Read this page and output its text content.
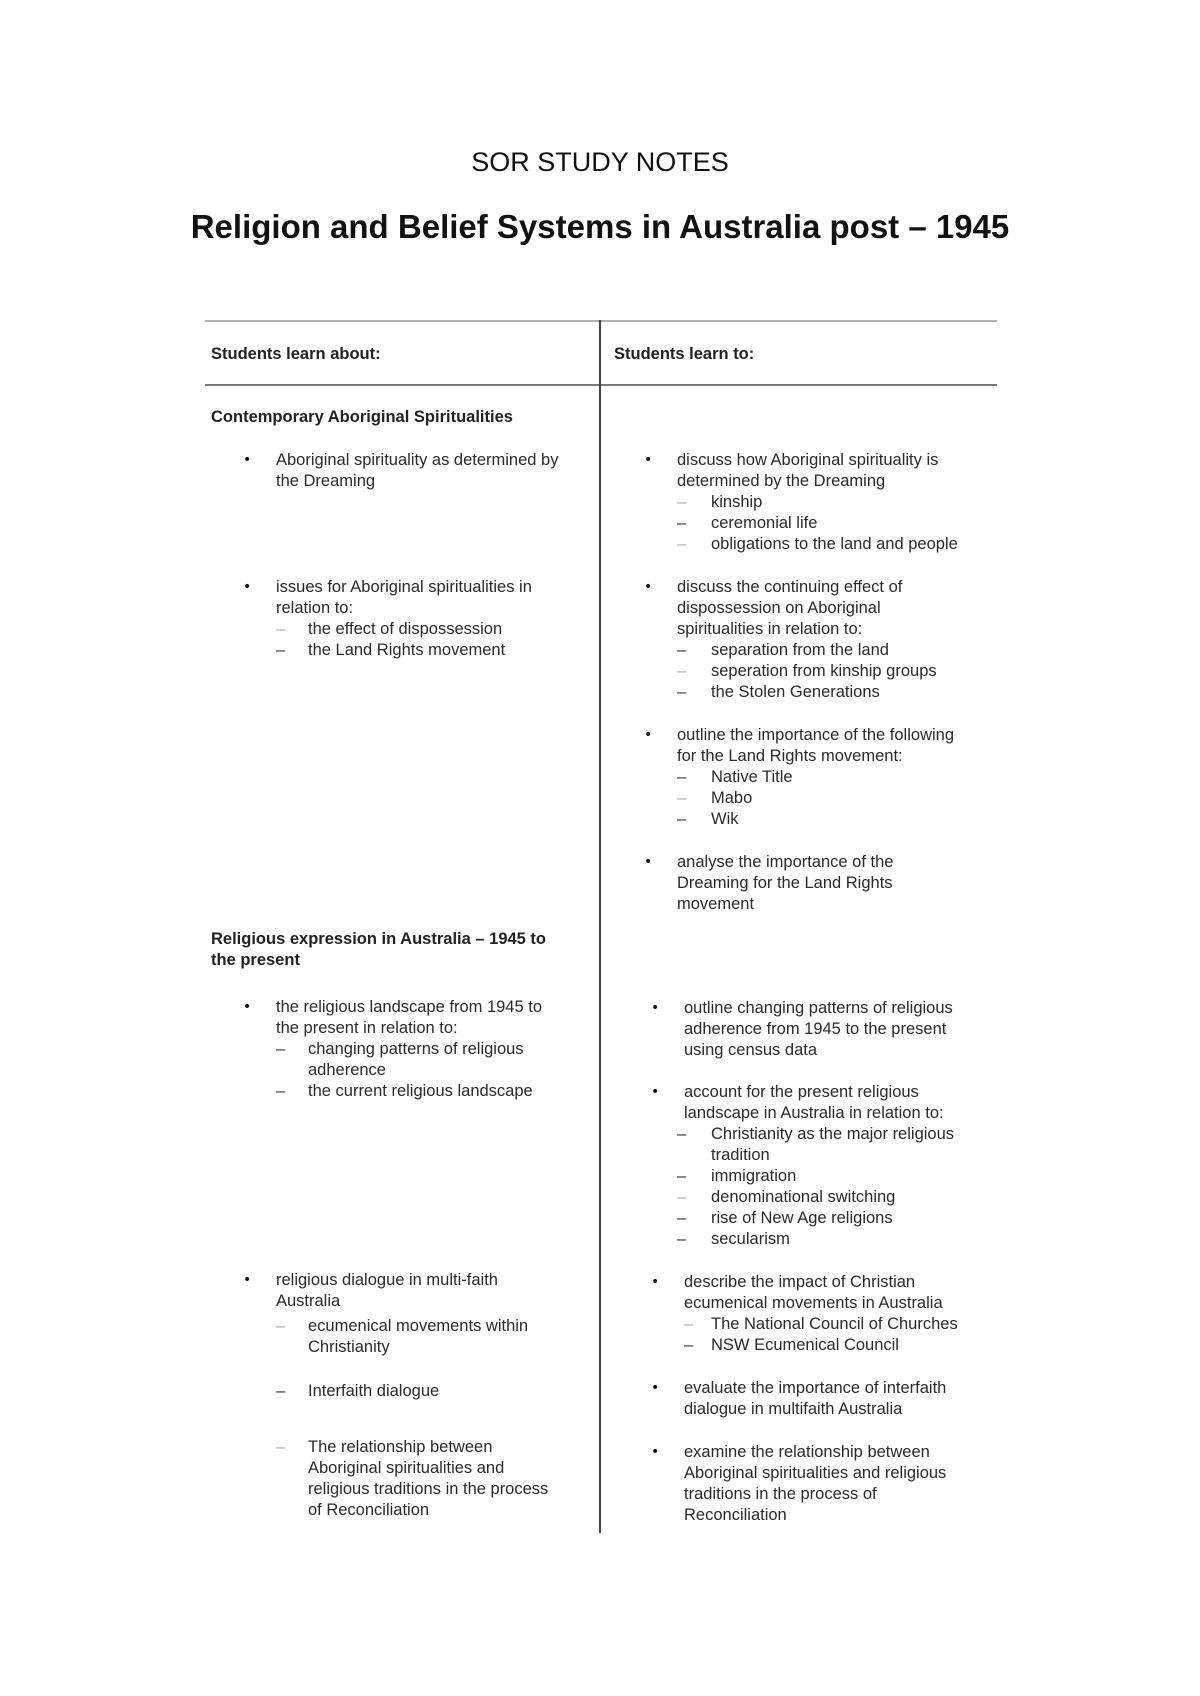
SOR STUDY NOTES
Religion and Belief Systems in Australia post – 1945
Students learn about:	Students learn to:
Contemporary Aboriginal Spiritualities
• Aboriginal spirituality as determined by
the Dreaming
• issues for Aboriginal spiritualities in
relation to:
– the effect of dispossession
– the Land Rights movement
• discuss how Aboriginal spirituality is
determined by the Dreaming
– kinship
– ceremonial life
– obligations to the land and people
• discuss the continuing effect of
dispossession on Aboriginal
spiritualities in relation to:
– separation from the land
– seperation from kinship groups
– the Stolen Generations
• outline the importance of the following
for the Land Rights movement:
– Native Title
– Mabo
– Wik
• analyse the importance of the
Dreaming for the Land Rights
movement
Religious expression in Australia – 1945 to
the present
• the religious landscape from 1945 to
the present in relation to:
– changing patterns of religious
adherence
– the current religious landscape
• religious dialogue in multi-faith
Australia
– ecumenical movements within
Christianity
– Interfaith dialogue
– The relationship between
Aboriginal spiritualities and
religious traditions in the process
of Reconciliation
• outline changing patterns of religious
adherence from 1945 to the present
using census data
• account for the present religious
landscape in Australia in relation to:
– Christianity as the major religious
tradition
– immigration
– denominational switching
– rise of New Age religions
– secularism
• describe the impact of Christian
ecumenical movements in Australia
– The National Council of Churches
– NSW Ecumenical Council
• evaluate the importance of interfaith
dialogue in multifaith Australia
• examine the relationship between
Aboriginal spiritualities and religious
traditions in the process of
Reconciliation
